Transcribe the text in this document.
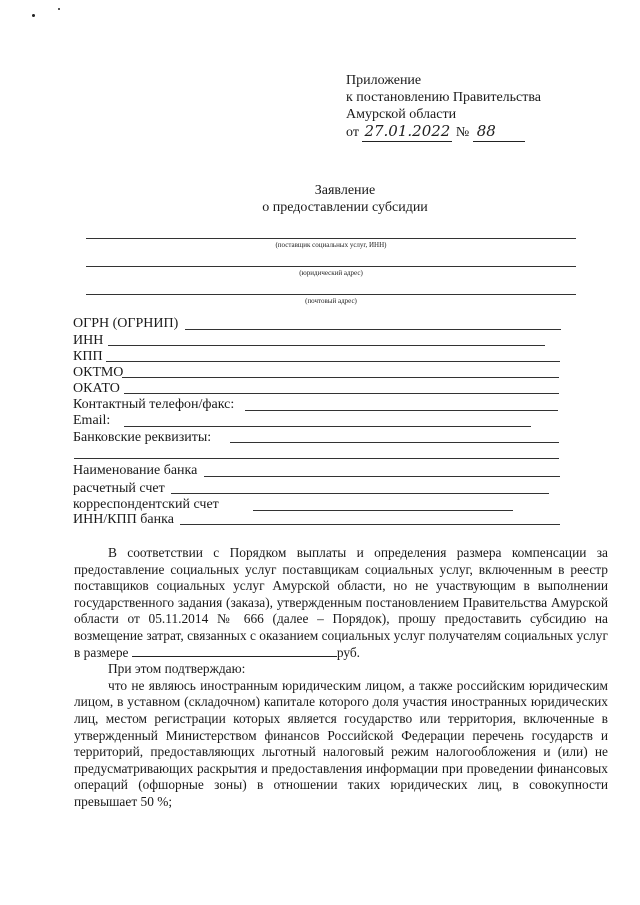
Приложение
к постановлению Правительства
Амурской области
от 27.01.2022 № 88
Заявление
о предоставлении субсидии
(поставщик социальных услуг, ИНН)
(юридический адрес)
(почтовый адрес)
ОГРН (ОГРНИП)
ИНН
КПП
ОКТМО
ОКАТО
Контактный телефон/факс:
Email:
Банковские реквизиты:
Наименование банка
расчетный счет
корреспондентский счет
ИНН/КПП банка

В соответствии с Порядком выплаты и определения размера компенсации за предоставление социальных услуг поставщикам социальных услуг, включенным в реестр поставщиков социальных услуг Амурской области, но не участвующим в выполнении государственного задания (заказа), утвержденным постановлением Правительства Амурской области от 05.11.2014 № 666 (далее – Порядок), прошу предоставить субсидию на возмещение затрат, связанных с оказанием социальных услуг получателям социальных услуг в размере	руб.

При этом подтверждаю:

что не являюсь иностранным юридическим лицом, а также российским юридическим лицом, в уставном (складочном) капитале которого доля участия иностранных юридических лиц, местом регистрации которых является государство или территория, включенные в утвержденный Министерством финансов Российской Федерации перечень государств и территорий, предоставляющих льготный налоговый режим налогообложения и (или) не предусматривающих раскрытия и предоставления информации при проведении финансовых операций (офшорные зоны) в отношении таких юридических лиц, в совокупности превышает 50 %;
